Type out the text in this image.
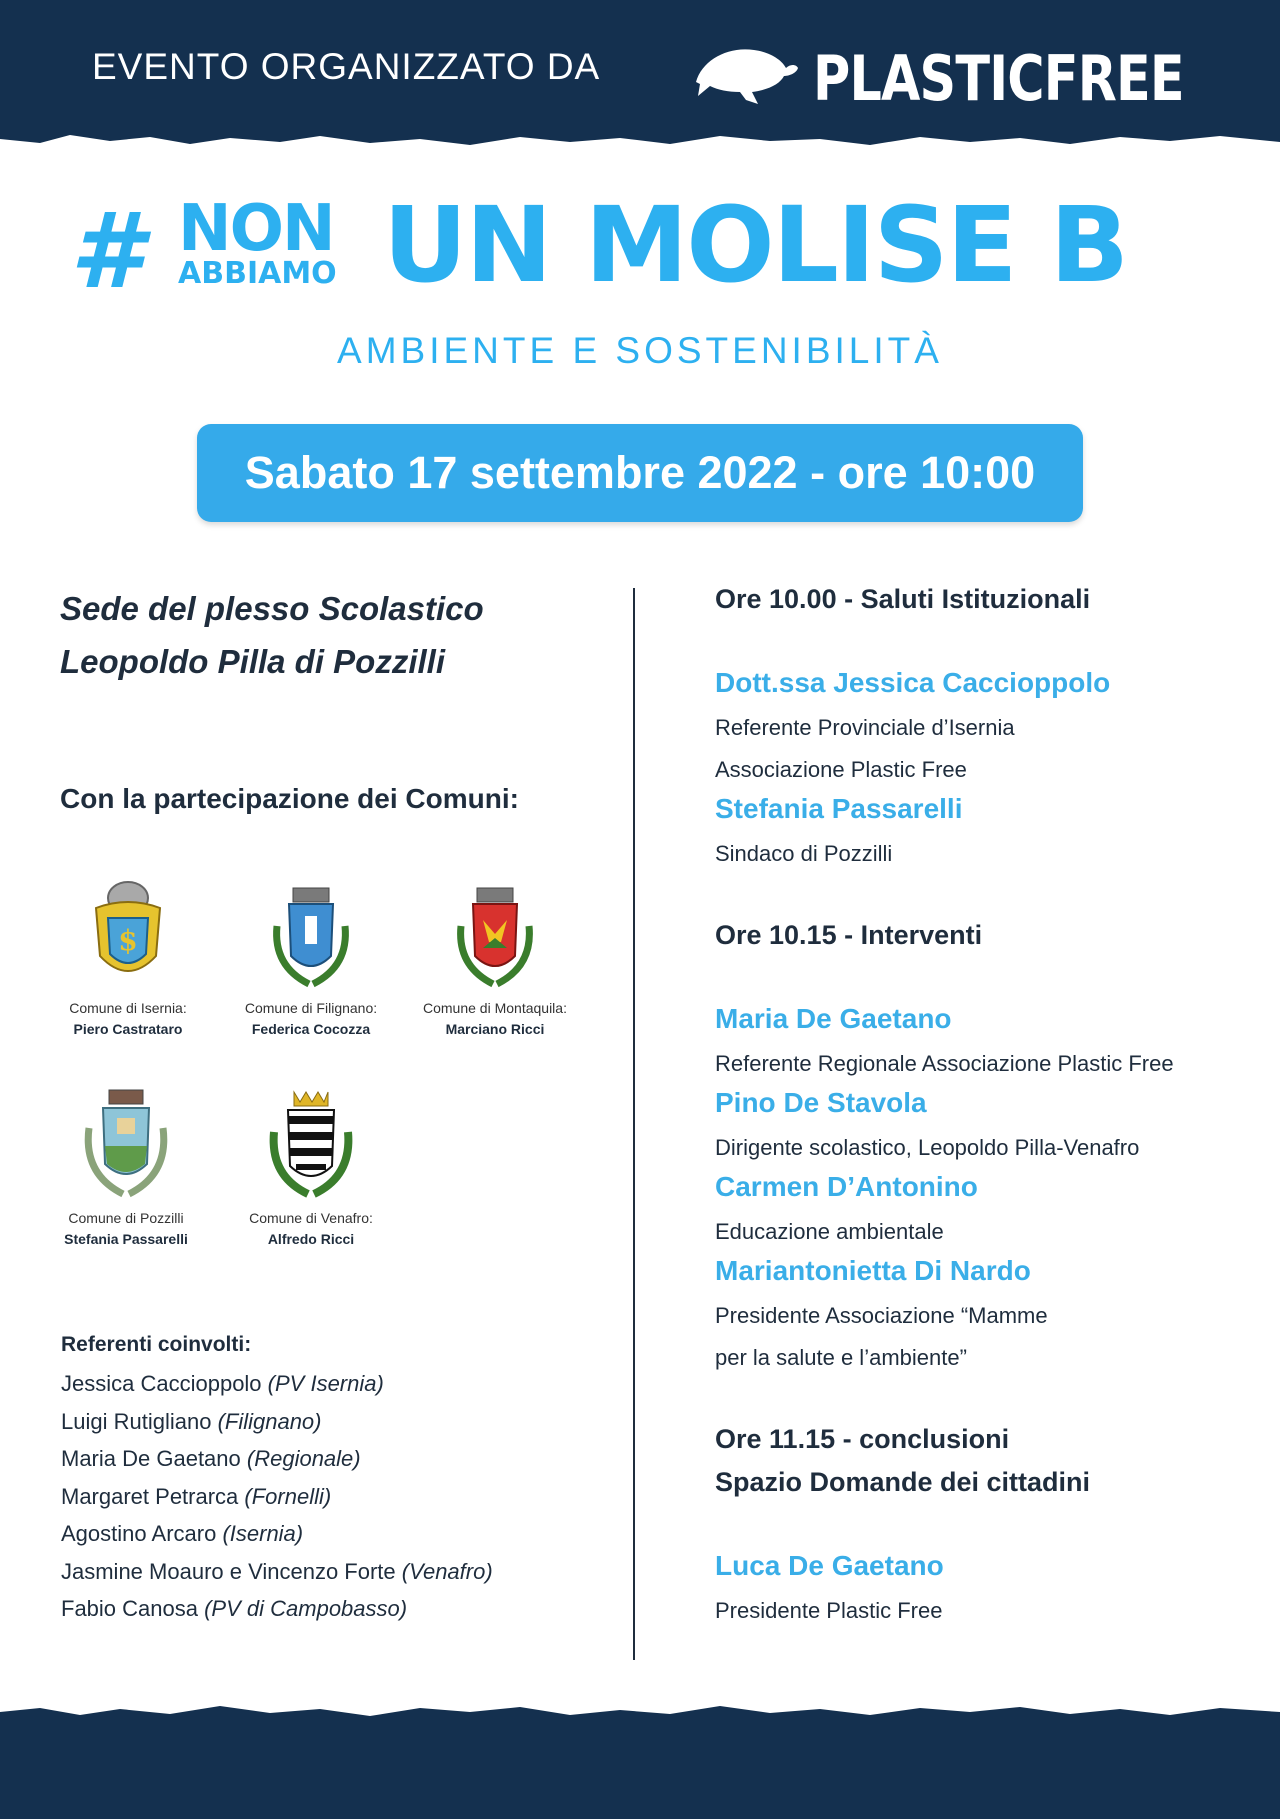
EVENTO ORGANIZZATO DA	PLASTICFREE
# NON
ABBIAMO UN MOLISE B
AMBIENTE E SOSTENIBILITÀ
Sabato 17 settembre 2022 - ore 10:00
Sede del plesso Scolastico
Leopoldo Pilla di Pozzilli
Con la partecipazione dei Comuni:
$
Comune di Isernia:
Piero Castrataro
Comune di Filignano:
Federica Cocozza
Comune di Montaquila:
Marciano Ricci
Comune di Pozzilli
Stefania Passarelli
Comune di Venafro:
Alfredo Ricci
Referenti coinvolti:
Jessica Caccioppolo (PV Isernia)
Luigi Rutigliano (Filignano)
Maria De Gaetano (Regionale)
Margaret Petrarca (Fornelli)
Agostino Arcaro (Isernia)
Jasmine Moauro e Vincenzo Forte (Venafro)
Fabio Canosa (PV di Campobasso)
Ore 10.00 - Saluti Istituzionali
Dott.ssa Jessica Caccioppolo
Referente Provinciale d’Isernia
Associazione Plastic Free
Stefania Passarelli
Sindaco di Pozzilli
Ore 10.15 - Interventi
Maria De Gaetano
Referente Regionale Associazione Plastic Free
Pino De Stavola
Dirigente scolastico, Leopoldo Pilla-Venafro
Carmen D’Antonino
Educazione ambientale
Mariantonietta Di Nardo
Presidente Associazione “Mamme
per la salute e l’ambiente”
Ore 11.15 - conclusioni
Spazio Domande dei cittadini
Luca De Gaetano
Presidente Plastic Free
